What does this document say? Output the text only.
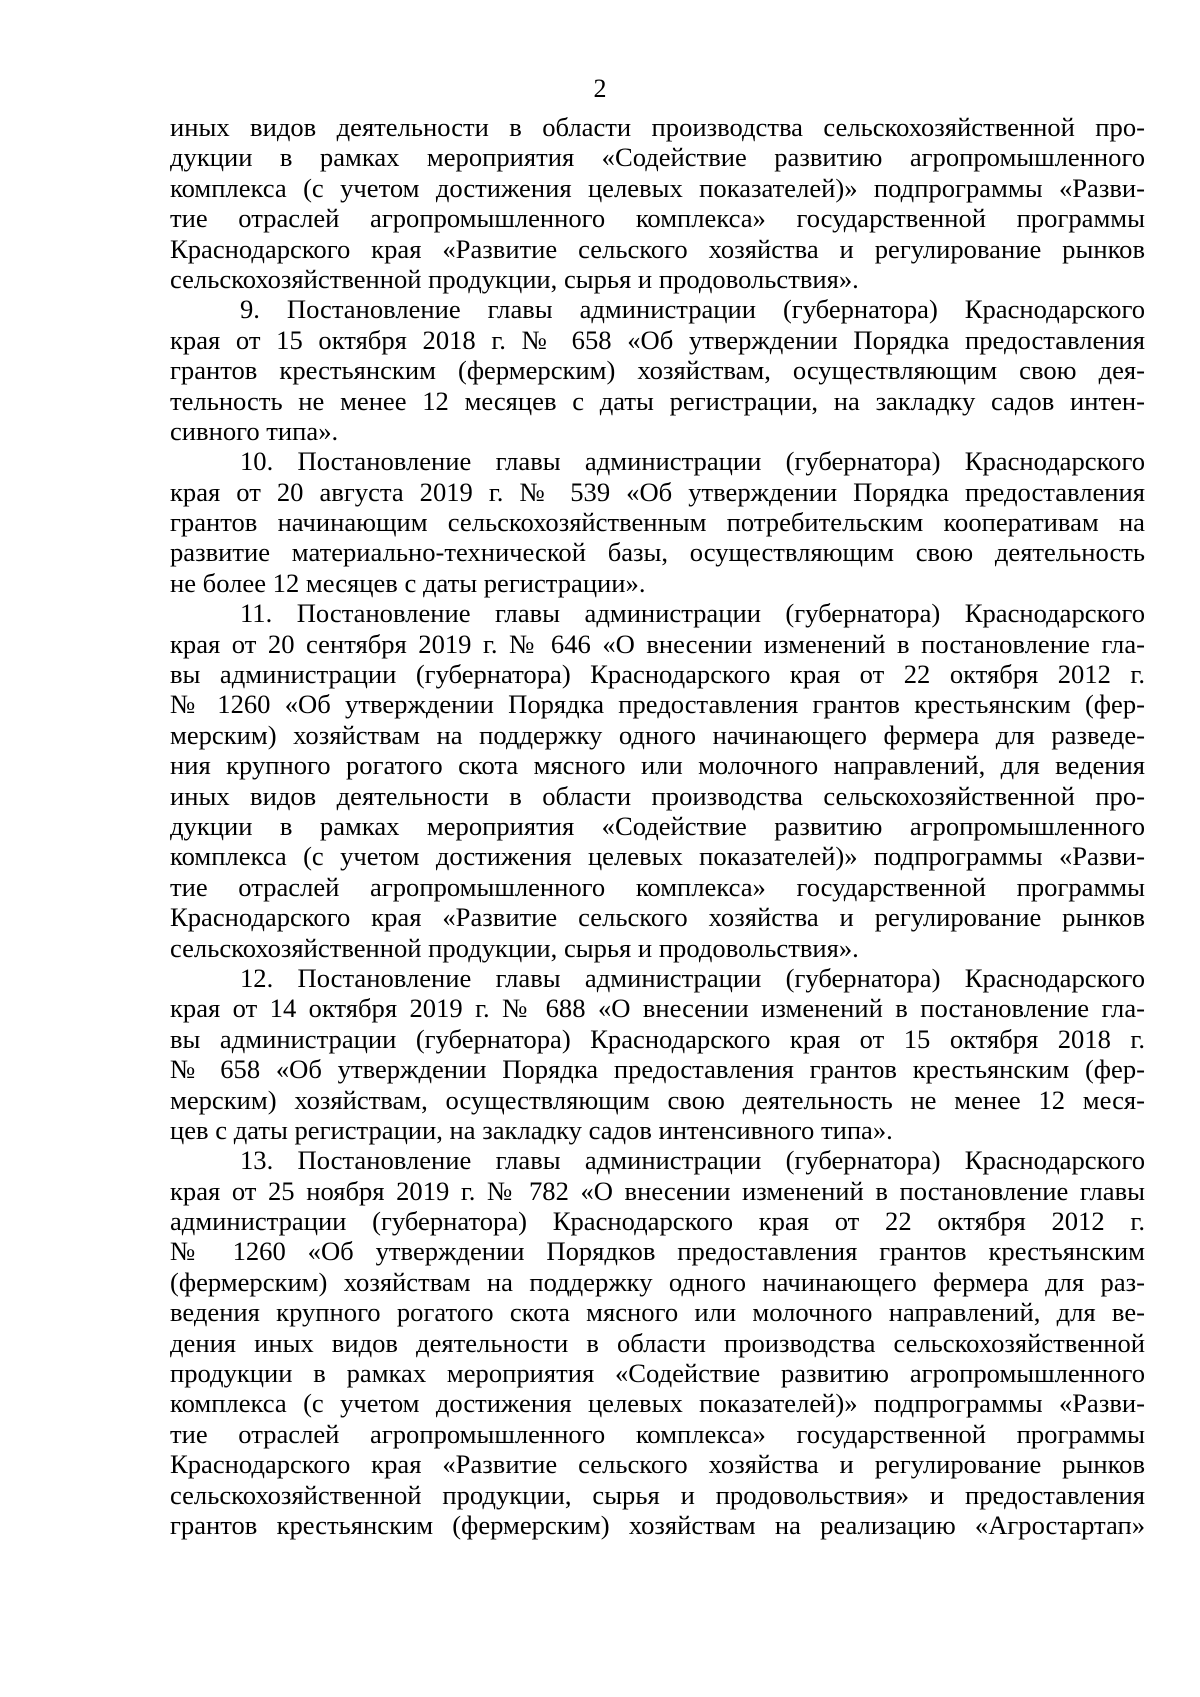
2
иных видов деятельности в области производства сельскохозяйственной про-
дукции в рамках мероприятия «Содействие развитию агропромышленного
комплекса (с учетом достижения целевых показателей)» подпрограммы «Разви-
тие отраслей агропромышленного комплекса» государственной программы
Краснодарского края «Развитие сельского хозяйства и регулирование рынков
сельскохозяйственной продукции, сырья и продовольствия».
9. Постановление главы администрации (губернатора) Краснодарского
края от 15 октября 2018 г. № 658 «Об утверждении Порядка предоставления
грантов крестьянским (фермерским) хозяйствам, осуществляющим свою дея-
тельность не менее 12 месяцев с даты регистрации, на закладку садов интен-
сивного типа».
10. Постановление главы администрации (губернатора) Краснодарского
края от 20 августа 2019 г. № 539 «Об утверждении Порядка предоставления
грантов начинающим сельскохозяйственным потребительским кооперативам на
развитие материально-технической базы, осуществляющим свою деятельность
не более 12 месяцев с даты регистрации».
11. Постановление главы администрации (губернатора) Краснодарского
края от 20 сентября 2019 г. № 646 «О внесении изменений в постановление гла-
вы администрации (губернатора) Краснодарского края от 22 октября 2012 г.
№ 1260 «Об утверждении Порядка предоставления грантов крестьянским (фер-
мерским) хозяйствам на поддержку одного начинающего фермера для разведе-
ния крупного рогатого скота мясного или молочного направлений, для ведения
иных видов деятельности в области производства сельскохозяйственной про-
дукции в рамках мероприятия «Содействие развитию агропромышленного
комплекса (с учетом достижения целевых показателей)» подпрограммы «Разви-
тие отраслей агропромышленного комплекса» государственной программы
Краснодарского края «Развитие сельского хозяйства и регулирование рынков
сельскохозяйственной продукции, сырья и продовольствия».
12. Постановление главы администрации (губернатора) Краснодарского
края от 14 октября 2019 г. № 688 «О внесении изменений в постановление гла-
вы администрации (губернатора) Краснодарского края от 15 октября 2018 г.
№ 658 «Об утверждении Порядка предоставления грантов крестьянским (фер-
мерским) хозяйствам, осуществляющим свою деятельность не менее 12 меся-
цев с даты регистрации, на закладку садов интенсивного типа».
13. Постановление главы администрации (губернатора) Краснодарского
края от 25 ноября 2019 г. № 782 «О внесении изменений в постановление главы
администрации (губернатора) Краснодарского края от 22 октября 2012 г.
№ 1260 «Об утверждении Порядков предоставления грантов крестьянским
(фермерским) хозяйствам на поддержку одного начинающего фермера для раз-
ведения крупного рогатого скота мясного или молочного направлений, для ве-
дения иных видов деятельности в области производства сельскохозяйственной
продукции в рамках мероприятия «Содействие развитию агропромышленного
комплекса (с учетом достижения целевых показателей)» подпрограммы «Разви-
тие отраслей агропромышленного комплекса» государственной программы
Краснодарского края «Развитие сельского хозяйства и регулирование рынков
сельскохозяйственной продукции, сырья и продовольствия» и предоставления
грантов крестьянским (фермерским) хозяйствам на реализацию «Агростартап»
